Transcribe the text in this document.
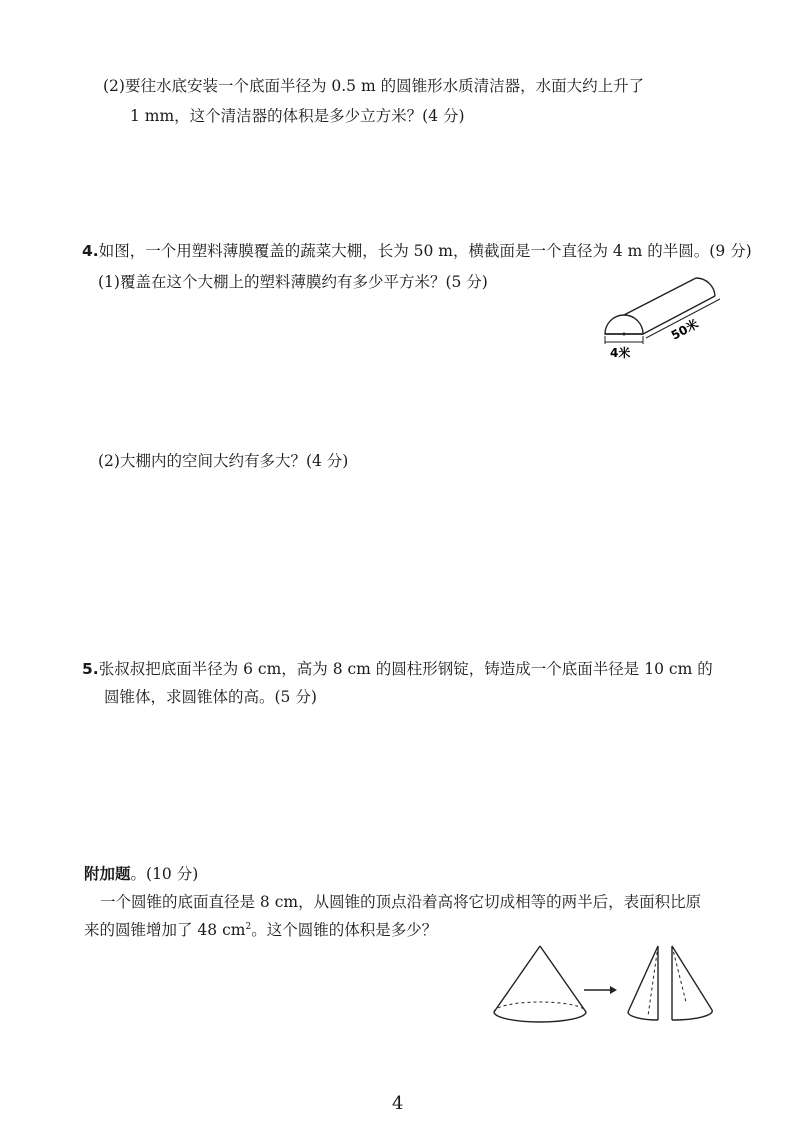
(2)要往水底安装一个底面半径为 0.5 m 的圆锥形水质清洁器，水面大约上升了
1 mm，这个清洁器的体积是多少立方米？(4 分)
4.如图，一个用塑料薄膜覆盖的蔬菜大棚，长为 50 m，横截面是一个直径为 4 m 的半圆。(9 分)
(1)覆盖在这个大棚上的塑料薄膜约有多少平方米？(5 分)
4米
50米
(2)大棚内的空间大约有多大？(4 分)
5.张叔叔把底面半径为 6 cm，高为 8 cm 的圆柱形钢锭，铸造成一个底面半径是 10 cm 的
圆锥体，求圆锥体的高。(5 分)
附加题。(10 分)
一个圆锥的底面直径是 8 cm，从圆锥的顶点沿着高将它切成相等的两半后，表面积比原
来的圆锥增加了 48 $cm^2$。这个圆锥的体积是多少？
4
